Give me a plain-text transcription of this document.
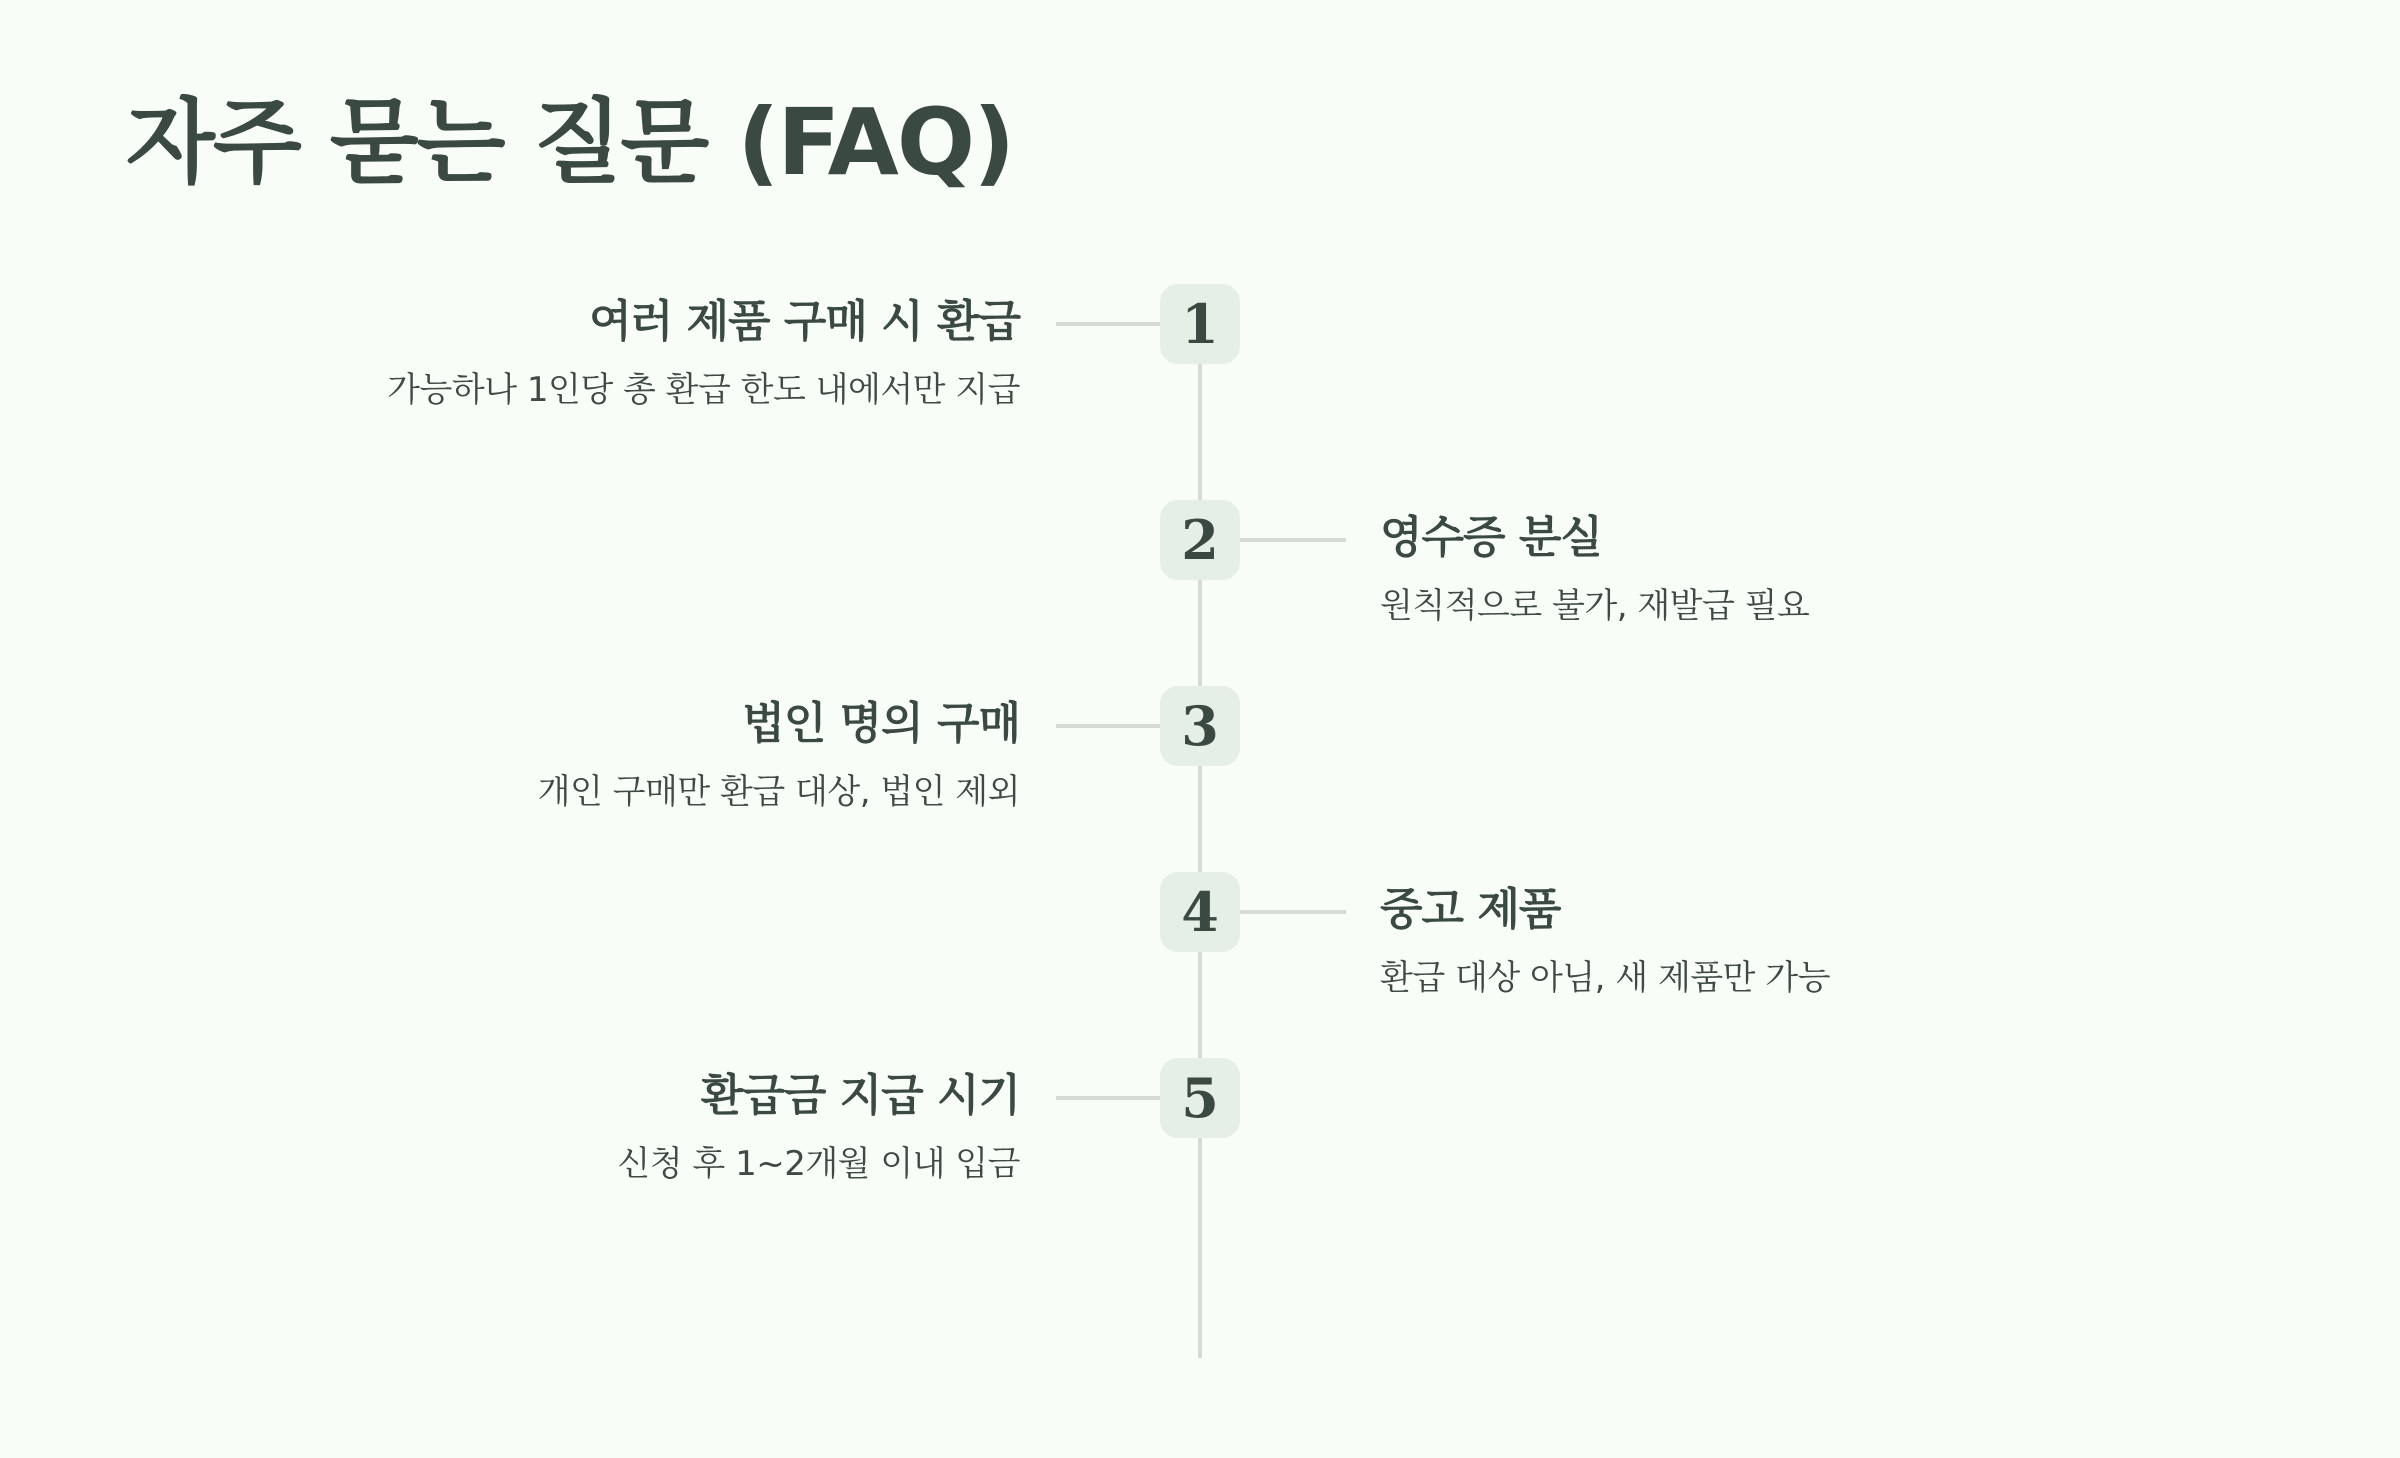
자주 묻는 질문 (FAQ)
1
여러 제품 구매 시 환급
가능하나 1인당 총 환급 한도 내에서만 지급
2	영수증 분실
원칙적으로 불가, 재발급 필요
3
법인 명의 구매
개인 구매만 환급 대상, 법인 제외
4	중고 제품
환급 대상 아님, 새 제품만 가능
5
환급금 지급 시기
신청 후 1~2개월 이내 입금
